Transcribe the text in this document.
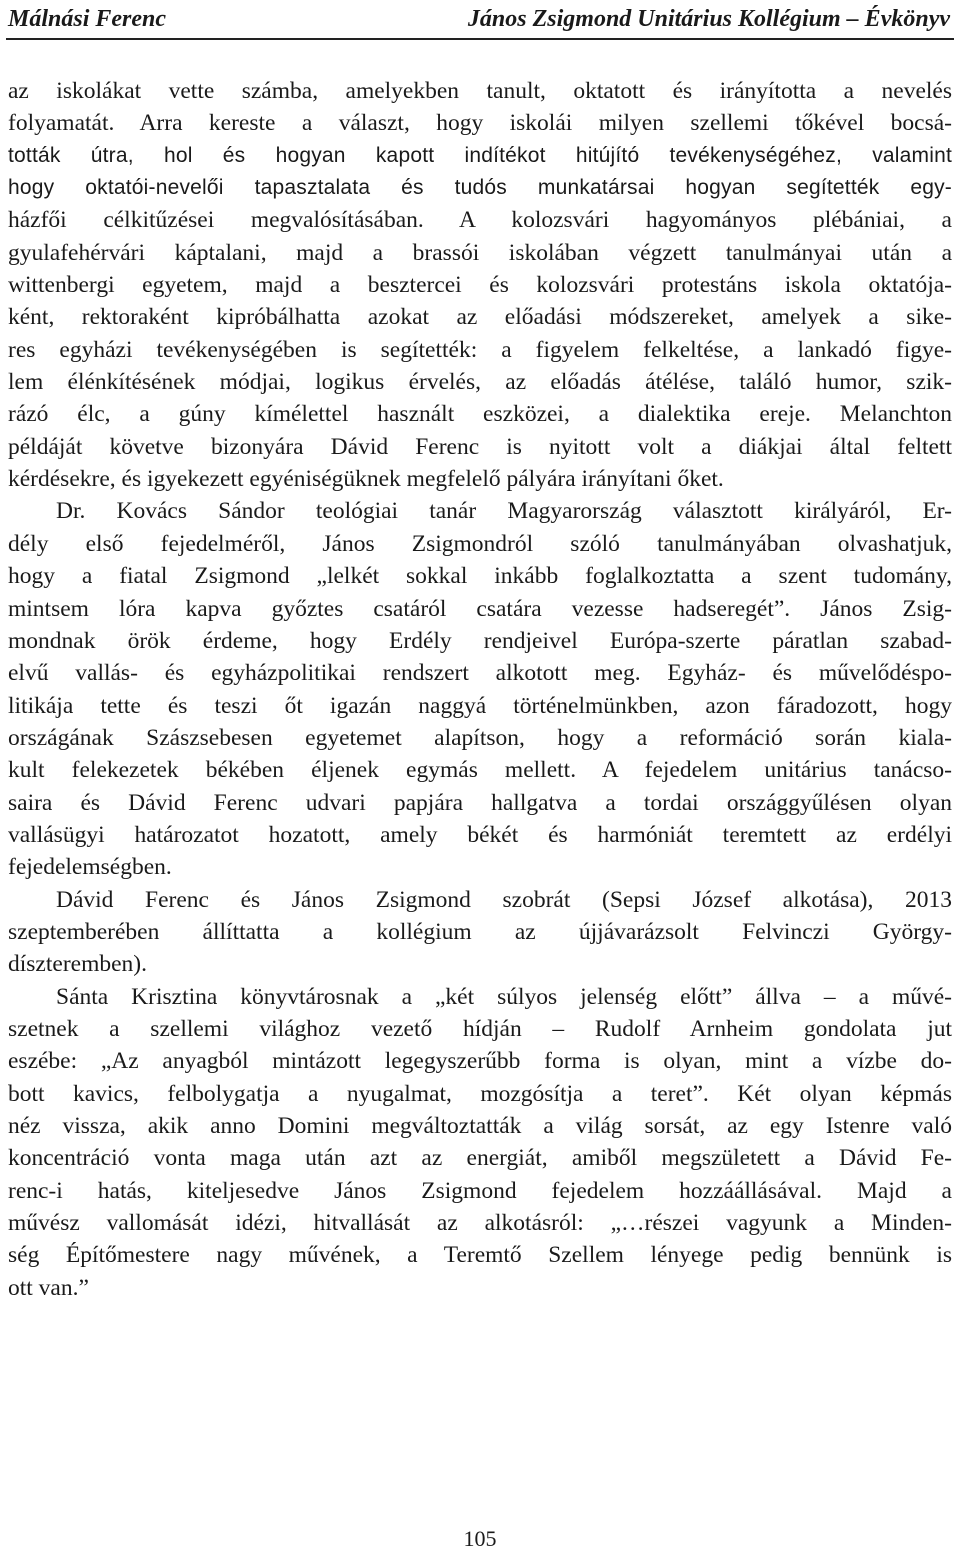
Málnási Ferenc	János Zsigmond Unitárius Kollégium – Évkönyv
az iskolákat vette számba, amelyekben tanult, oktatott és irányította a nevelés
folyamatát. Arra kereste a választ, hogy iskolái milyen szellemi tőkével bocsá-
tották útra, hol és hogyan kapott indítékot hitújító tevékenységéhez, valamint
hogy oktatói-nevelői tapasztalata és tudós munkatársai hogyan segítették egy-
házfői célkitűzései megvalósításában. A kolozsvári hagyományos plébániai, a
gyulafehérvári káptalani, majd a brassói iskolában végzett tanulmányai után a
wittenbergi egyetem, majd a besztercei és kolozsvári protestáns iskola oktatója-
ként, rektoraként kipróbálhatta azokat az előadási módszereket, amelyek a sike-
res egyházi tevékenységében is segítették: a figyelem felkeltése, a lankadó figye-
lem élénkítésének módjai, logikus érvelés, az előadás átélése, találó humor, szik-
rázó élc, a gúny kímélettel használt eszközei, a dialektika ereje. Melanchton
példáját követve bizonyára Dávid Ferenc is nyitott volt a diákjai által feltett
kérdésekre, és igyekezett egyéniségüknek megfelelő pályára irányítani őket.
Dr. Kovács Sándor teológiai tanár Magyarország választott királyáról, Er-
dély első fejedelméről, János Zsigmondról szóló tanulmányában olvashatjuk,
hogy a fiatal Zsigmond „lelkét sokkal inkább foglalkoztatta a szent tudomány,
mintsem lóra kapva győztes csatáról csatára vezesse hadseregét”. János Zsig-
mondnak örök érdeme, hogy Erdély rendjeivel Európa-szerte páratlan szabad-
elvű vallás- és egyházpolitikai rendszert alkotott meg. Egyház- és művelődéspo-
litikája tette és teszi őt igazán naggyá történelmünkben, azon fáradozott, hogy
országának Szászsebesen egyetemet alapítson, hogy a reformáció során kiala-
kult felekezetek békében éljenek egymás mellett. A fejedelem unitárius tanácso-
saira és Dávid Ferenc udvari papjára hallgatva a tordai országgyűlésen olyan
vallásügyi határozatot hozatott, amely békét és harmóniát teremtett az erdélyi
fejedelemségben.
Dávid Ferenc és János Zsigmond szobrát (Sepsi József alkotása), 2013
szeptemberében állíttatta a kollégium az újjávarázsolt Felvinczi György-
díszteremben).
Sánta Krisztina könyvtárosnak a „két súlyos jelenség előtt” állva – a művé-
szetnek a szellemi világhoz vezető hídján – Rudolf Arnheim gondolata jut
eszébe: „Az anyagból mintázott legegyszerűbb forma is olyan, mint a vízbe do-
bott kavics, felbolygatja a nyugalmat, mozgósítja a teret”. Két olyan képmás
néz vissza, akik anno Domini megváltoztatták a világ sorsát, az egy Istenre való
koncentráció vonta maga után azt az energiát, amiből megszületett a Dávid Fe-
renc-i hatás, kiteljesedve János Zsigmond fejedelem hozzáállásával. Majd a
művész vallomását idézi, hitvallását az alkotásról: „…részei vagyunk a Minden-
ség Építőmestere nagy művének, a Teremtő Szellem lényege pedig bennünk is
ott van.”
105
